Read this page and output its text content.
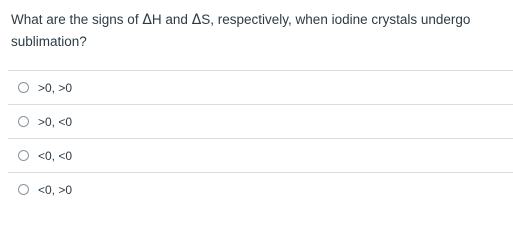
What are the signs of ΔH and ΔS, respectively, when iodine crystals undergo sublimation?
>0, >0
>0, <0
<0, <0
<0, >0
